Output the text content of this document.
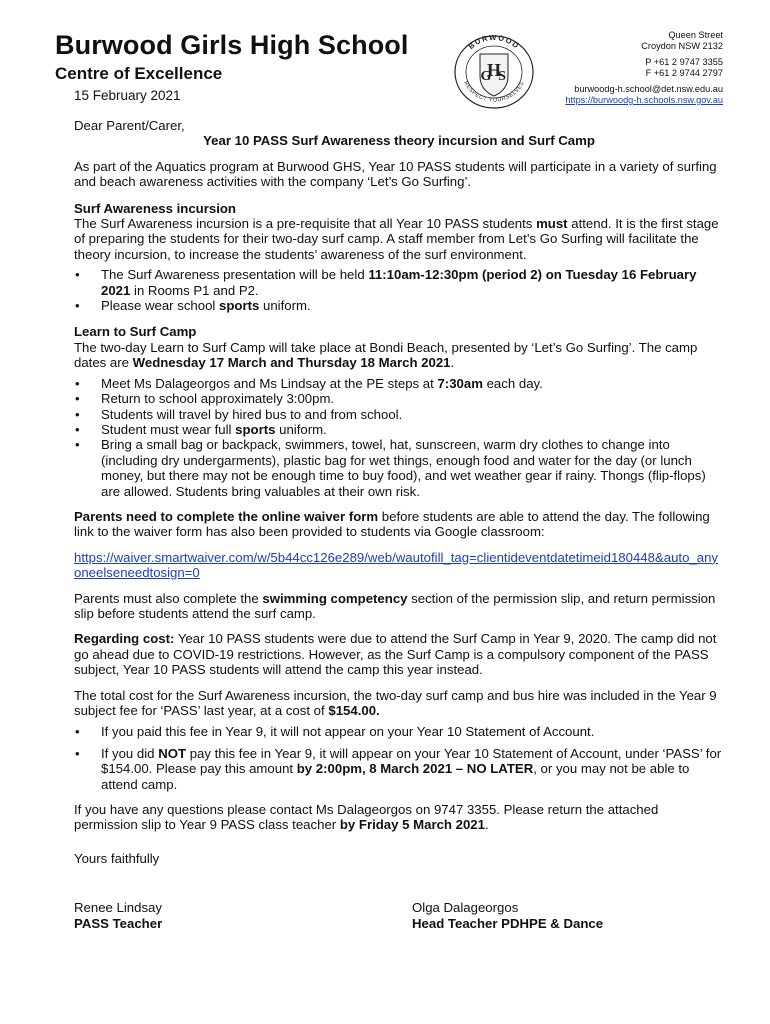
Burwood Girls High School
Centre of Excellence
15 February 2021
BURWOOD
RESPECT YOURSELVES
G
H
S
Queen Street
Croydon NSW 2132
P +61 2 9747 3355
F +61 2 9744 2797
burwoodg-h.school@det.nsw.edu.au
https://burwoodg-h.schools.nsw.gov.au

Dear Parent/Carer,

Year 10 PASS Surf Awareness theory incursion and Surf Camp

As part of the Aquatics program at Burwood GHS, Year 10 PASS students will participate in a variety of surfing and beach awareness activities with the company ‘Let’s Go Surfing’.

Surf Awareness incursion

The Surf Awareness incursion is a pre-requisite that all Year 10 PASS students must attend. It is the first stage of preparing the students for their two-day surf camp. A staff member from Let’s Go Surfing will facilitate the theory incursion, to increase the students’ awareness of the surf environment.

• The Surf Awareness presentation will be held 11:10am-12:30pm (period 2) on Tuesday 16 February 2021 in Rooms P1 and P2.
• Please wear school sports uniform.

Learn to Surf Camp

The two-day Learn to Surf Camp will take place at Bondi Beach, presented by ‘Let’s Go Surfing’. The camp dates are Wednesday 17 March and Thursday 18 March 2021.

• Meet Ms Dalageorgos and Ms Lindsay at the PE steps at 7:30am each day.
• Return to school approximately 3:00pm.
• Students will travel by hired bus to and from school.
• Student must wear full sports uniform.
• Bring a small bag or backpack, swimmers, towel, hat, sunscreen, warm dry clothes to change into (including dry undergarments), plastic bag for wet things, enough food and water for the day (or lunch money, but there may not be enough time to buy food), and wet weather gear if rainy. Thongs (flip-flops) are allowed. Students bring valuables at their own risk.

Parents need to complete the online waiver form before students are able to attend the day. The following link to the waiver form has also been provided to students via Google classroom:

https://waiver.smartwaiver.com/w/5b44cc126e289/web/wautofill_tag=clientideventdatetimeid180448&auto_anyoneelseneedtosign=0

Parents must also complete the swimming competency section of the permission slip, and return permission slip before students attend the surf camp.

Regarding cost: Year 10 PASS students were due to attend the Surf Camp in Year 9, 2020. The camp did not go ahead due to COVID-19 restrictions. However, as the Surf Camp is a compulsory component of the PASS subject, Year 10 PASS students will attend the camp this year instead.

The total cost for the Surf Awareness incursion, the two-day surf camp and bus hire was included in the Year 9 subject fee for ‘PASS’ last year, at a cost of $154.00.

• If you paid this fee in Year 9, it will not appear on your Year 10 Statement of Account.
• If you did NOT pay this fee in Year 9, it will appear on your Year 10 Statement of Account, under ‘PASS’ for $154.00. Please pay this amount by 2:00pm, 8 March 2021 – NO LATER, or you may not be able to attend camp.

If you have any questions please contact Ms Dalageorgos on 9747 3355. Please return the attached permission slip to Year 9 PASS class teacher by Friday 5 March 2021.

Yours faithfully

Renee Lindsay
PASS Teacher
Olga Dalageorgos
Head Teacher PDHPE & Dance
